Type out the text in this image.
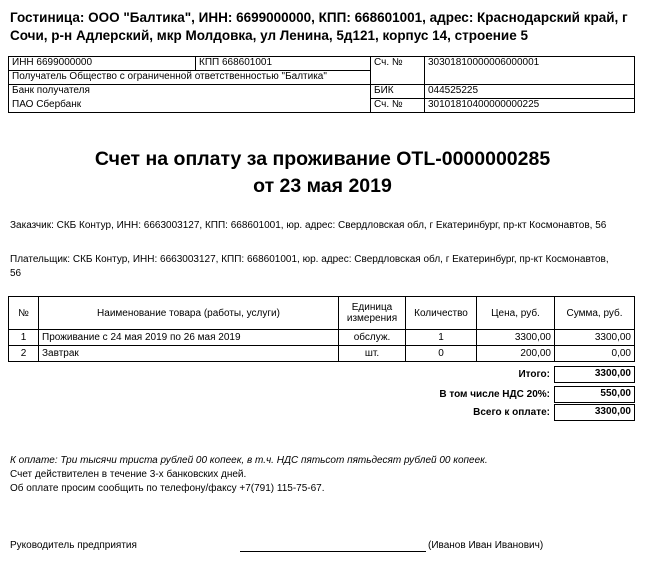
Гостиница: ООО "Балтика", ИНН: 6699000000, КПП: 668601001, адрес: Краснодарский край, г Сочи, р-н Адлерский, мкр Молдовка, ул Ленина, 5д121, корпус 14, строение 5
ИНН 6699000000	КПП 668601001	Сч. №	30301810000006000001
Получатель Общество с ограниченной ответственностью "Балтика"			
Банк получателя		БИК	044525225
ПАО Сбербанк		Сч. №	30101810400000000225
Счет на оплату за проживание OTL-0000000285
от 23 мая 2019
Заказчик: СКБ Контур, ИНН: 6663003127, КПП: 668601001, юр. адрес: Свердловская обл, г Екатеринбург, пр-кт Космонавтов, 56
Плательщик: СКБ Контур, ИНН: 6663003127, КПП: 668601001, юр. адрес: Свердловская обл, г Екатеринбург, пр-кт Космонавтов, 56
№	Наименование товара (работы, услуги)	Единица измерения	Количество	Цена, руб.	Сумма, руб.
1	Проживание с 24 мая 2019 по 26 мая 2019	обслуж.	1	3300,00	3300,00
2	Завтрак	шт.	0	200,00	0,00
Итого:	3300,00
В том числе НДС 20%:	550,00
Всего к оплате:	3300,00
К оплате: Три тысячи триста рублей 00 копеек, в т.ч. НДС пятьсот пятьдесят рублей 00 копеек.
Счет действителен в течение 3-х банковских дней.
Об оплате просим сообщить по телефону/факсу +7(791) 115-75-67.
Руководитель предприятия	(Иванов Иван Иванович)
